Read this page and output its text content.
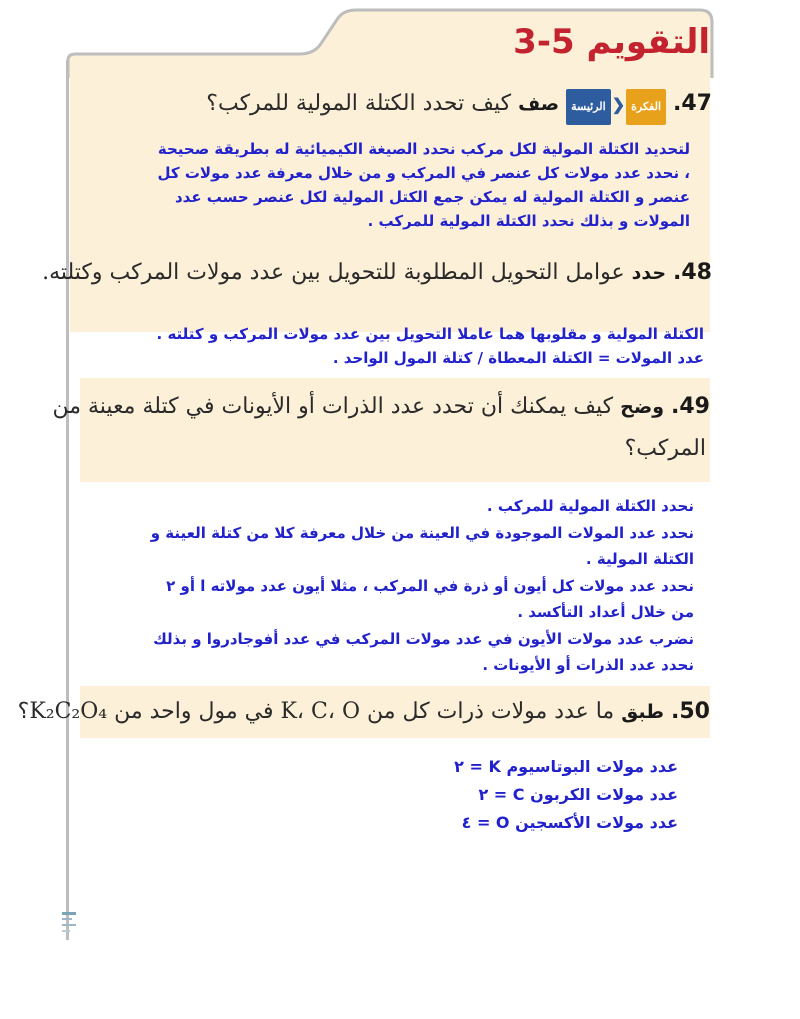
التقويم 5-3
47. الفكرة❮الرئيسة صف كيف تحدد الكتلة المولية للمركب؟
لتحديد الكتلة المولية لكل مركب نحدد الصيغة الكيميائية له بطريقة صحيحة
، نحدد عدد مولات كل عنصر في المركب و من خلال معرفة عدد مولات كل
عنصر و الكتلة المولية له يمكن جمع الكتل المولية لكل عنصر حسب عدد
المولات و بذلك نحدد الكتلة المولية للمركب .
48. حدد عوامل التحويل المطلوبة للتحويل بين عدد مولات المركب وكتلته.
الكتلة المولية و مقلوبها هما عاملا التحويل بين عدد مولات المركب و كتلته .
عدد المولات = الكتلة المعطاة / كتلة المول الواحد .
49. وضح كيف يمكنك أن تحدد عدد الذرات أو الأيونات في كتلة معينة من
المركب؟
نحدد الكتلة المولية للمركب .
نحدد عدد المولات الموجودة في العينة من خلال معرفة كلا من كتلة العينة و
الكتلة المولية .
نحدد عدد مولات كل أيون أو ذرة في المركب ، مثلا أيون عدد مولاته ا أو ٢
من خلال أعداد التأكسد .
نضرب عدد مولات الأيون في عدد مولات المركب في عدد أفوجادروا و بذلك
نحدد عدد الذرات أو الأيونات .
50. طبق ما عدد مولات ذرات كل من K، C، O في مول واحد من K₂C₂O₄؟
عدد مولات البوتاسيوم K = ٢
عدد مولات الكربون C = ٢
عدد مولات الأكسجين O = ٤
